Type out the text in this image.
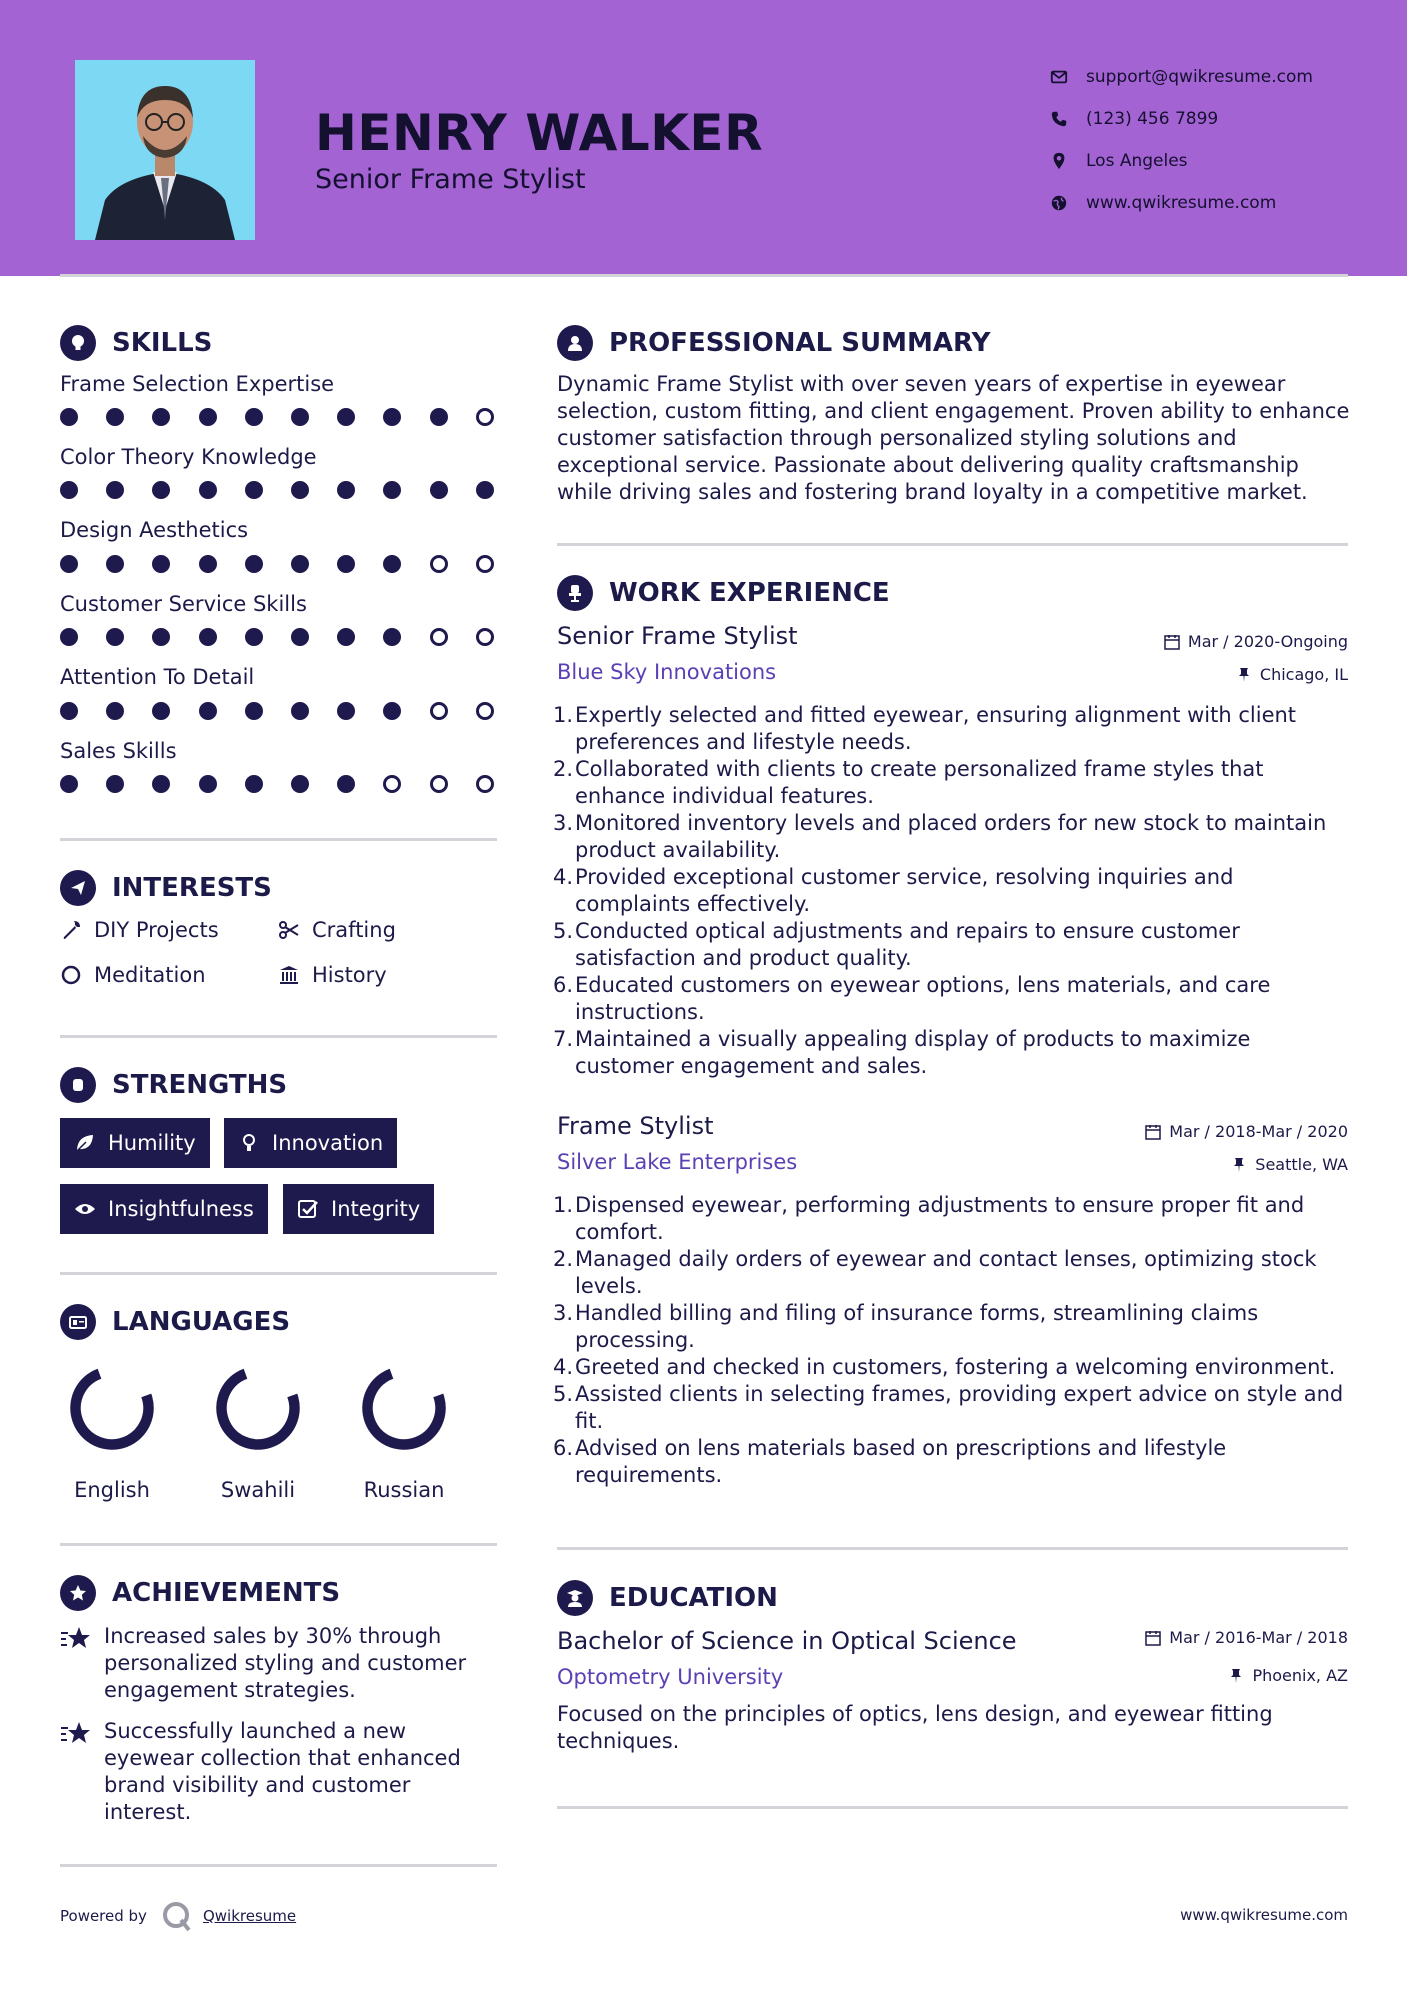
HENRY WALKER
Senior Frame Stylist
support@qwikresume.com
(123) 456 7899
Los Angeles
www.qwikresume.com
SKILLS
Frame Selection Expertise
Color Theory Knowledge
Design Aesthetics
Customer Service Skills
Attention To Detail
Sales Skills
INTERESTS
DIY Projects	Crafting
Meditation	History
STRENGTHS
Humility	Innovation
Insightfulness	Integrity
LANGUAGES
English	Swahili	Russian
ACHIEVEMENTS
Increased sales by 30% through personalized styling and customer engagement strategies.
Successfully launched a new eyewear collection that enhanced brand visibility and customer interest.
PROFESSIONAL SUMMARY
Dynamic Frame Stylist with over seven years of expertise in eyewear selection, custom fitting, and client engagement. Proven ability to enhance customer satisfaction through personalized styling solutions and exceptional service. Passionate about delivering quality craftsmanship while driving sales and fostering brand loyalty in a competitive market.
WORK EXPERIENCE
Senior Frame Stylist	Mar / 2020-Ongoing
Blue Sky Innovations	Chicago, IL
1. Expertly selected and fitted eyewear, ensuring alignment with client preferences and lifestyle needs.
2. Collaborated with clients to create personalized frame styles that enhance individual features.
3. Monitored inventory levels and placed orders for new stock to maintain product availability.
4. Provided exceptional customer service, resolving inquiries and complaints effectively.
5. Conducted optical adjustments and repairs to ensure customer satisfaction and product quality.
6. Educated customers on eyewear options, lens materials, and care instructions.
7. Maintained a visually appealing display of products to maximize customer engagement and sales.
Frame Stylist	Mar / 2018-Mar / 2020
Silver Lake Enterprises	Seattle, WA
1. Dispensed eyewear, performing adjustments to ensure proper fit and comfort.
2. Managed daily orders of eyewear and contact lenses, optimizing stock levels.
3. Handled billing and filing of insurance forms, streamlining claims processing.
4. Greeted and checked in customers, fostering a welcoming environment.
5. Assisted clients in selecting frames, providing expert advice on style and fit.
6. Advised on lens materials based on prescriptions and lifestyle requirements.
EDUCATION
Bachelor of Science in Optical Science	Mar / 2016-Mar / 2018
Optometry University	Phoenix, AZ
Focused on the principles of optics, lens design, and eyewear fitting techniques.
Powered by	Qwikresume	www.qwikresume.com
